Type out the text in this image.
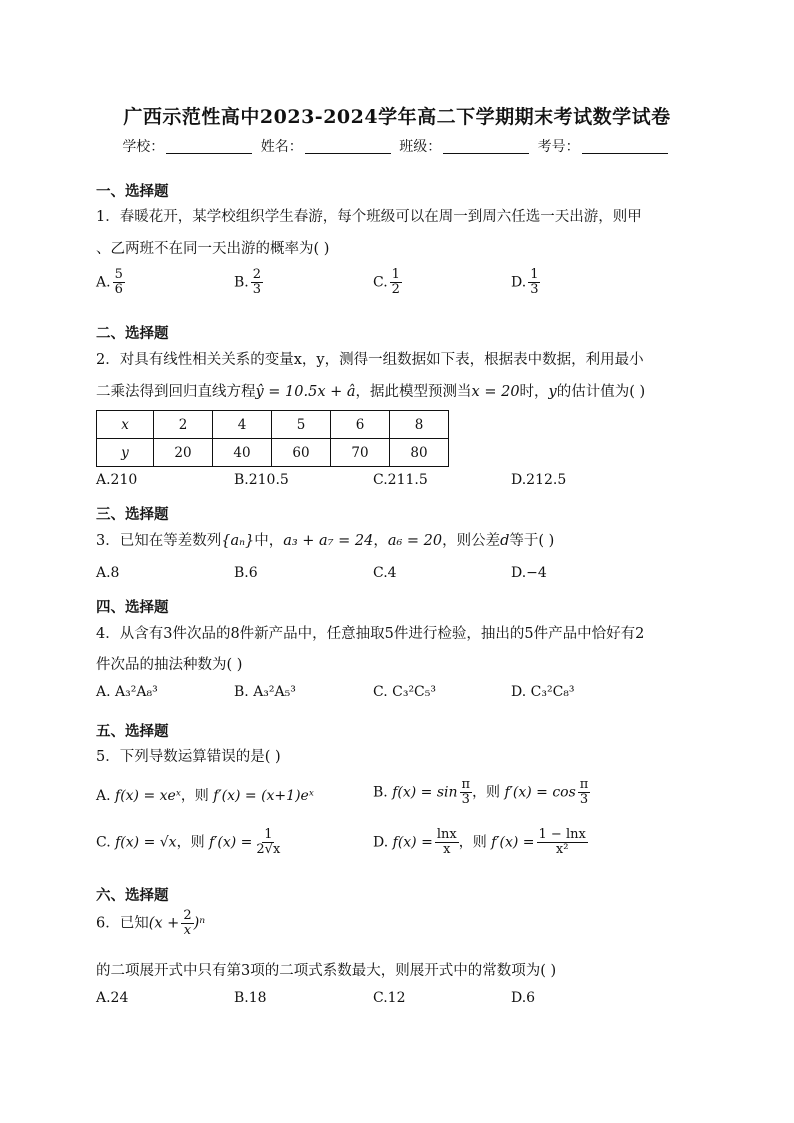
广西示范性高中2023-2024学年高二下学期期末考试数学试卷
学校：	姓名：	班级：	考号：
一、选择题
1．春暖花开，某学校组织学生春游，每个班级可以在周一到周六任选一天出游，则甲
、乙两班不在同一天出游的概率为( )
A. $\frac{5}{6}$	B. $\frac{2}{3}$	C. $\frac{1}{2}$	D. $\frac{1}{3}$
二、选择题
2．对具有线性相关关系的变量x，y，测得一组数据如下表，根据表中数据，利用最小
二乘法得到回归直线方程ŷ = 10.5x + â，据此模型预测当x = 20时，y的估计值为( )
x	2	4	5	6	8
y	20	40	60	70	80
A.210	B.210.5	C.211.5	D.212.5
三、选择题
3．已知在等差数列{aₙ}中，a₃ + a₇ = 24，a₆ = 20，则公差d等于( )
A.8	B.6	C.4	D.−4
四、选择题
4．从含有3件次品的8件新产品中，任意抽取5件进行检验，抽出的5件产品中恰好有2
件次品的抽法种数为( )
A. A₃²A₈³	B. A₃²A₅³	C. C₃²C₅³	D. C₃²C₈³
五、选择题
5．下列导数运算错误的是( )
A. f(x) = xeˣ，则 f′(x) = (x+1)eˣ	B. $f(x) = \sin \frac{\pi}{3}$ ，则 $f'(x) = \cos \frac{\pi}{3}$
C. f(x) = √x，则 $f'(x) = \frac{1}{2√x}$	D. $f(x) = \frac{\ln x}{x}$ ，则 $f'(x) = \frac{1 - \ln x}{\text{x²}}$
六、选择题
6．已知$(x + \frac{2}{x} )^n$
的二项展开式中只有第3项的二项式系数最大，则展开式中的常数项为( )
A.24	B.18	C.12	D.6
